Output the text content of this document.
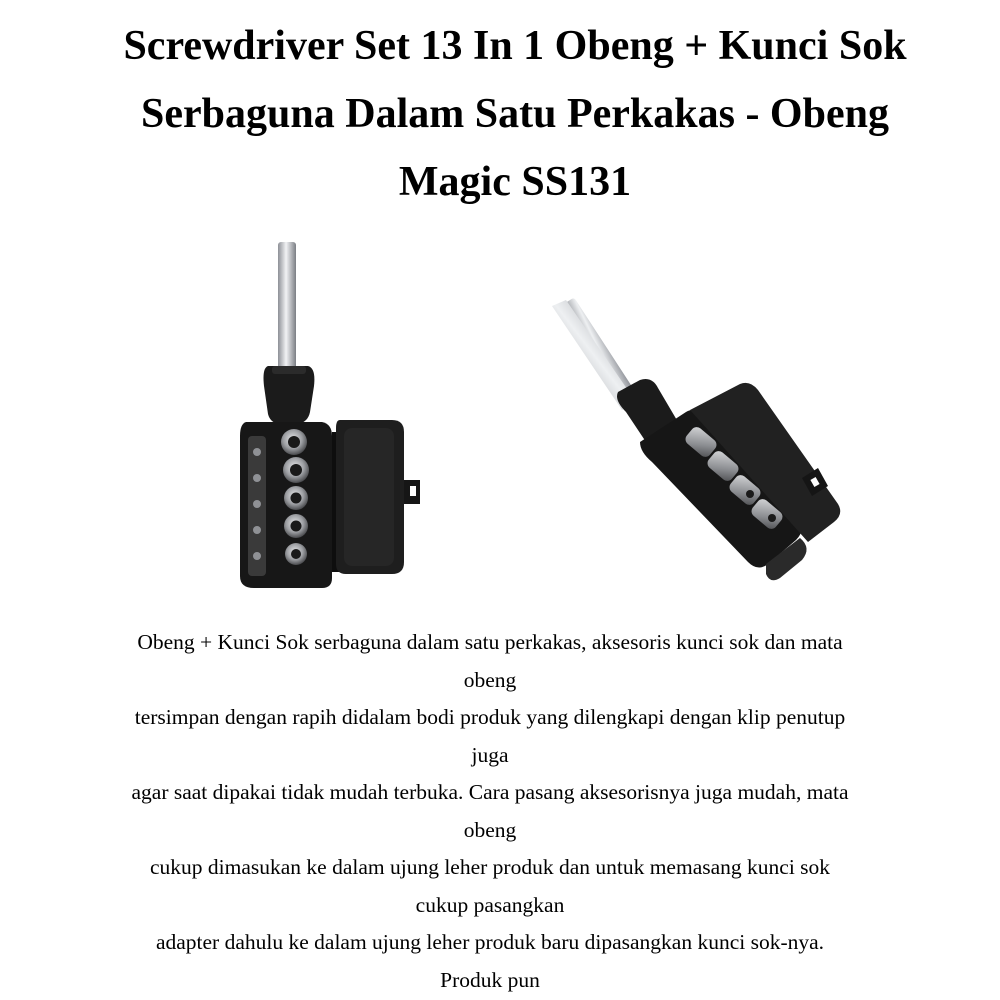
Screwdriver Set 13 In 1 Obeng + Kunci Sok Serbaguna Dalam Satu Perkakas - Obeng Magic SS131
Obeng + Kunci Sok serbaguna dalam satu perkakas, aksesoris kunci sok dan mata
obeng
tersimpan dengan rapih didalam bodi produk yang dilengkapi dengan klip penutup
juga
agar saat dipakai tidak mudah terbuka. Cara pasang aksesorisnya juga mudah, mata
obeng
cukup dimasukan ke dalam ujung leher produk dan untuk memasang kunci sok
cukup pasangkan
adapter dahulu ke dalam ujung leher produk baru dipasangkan kunci sok-nya.
Produk pun
